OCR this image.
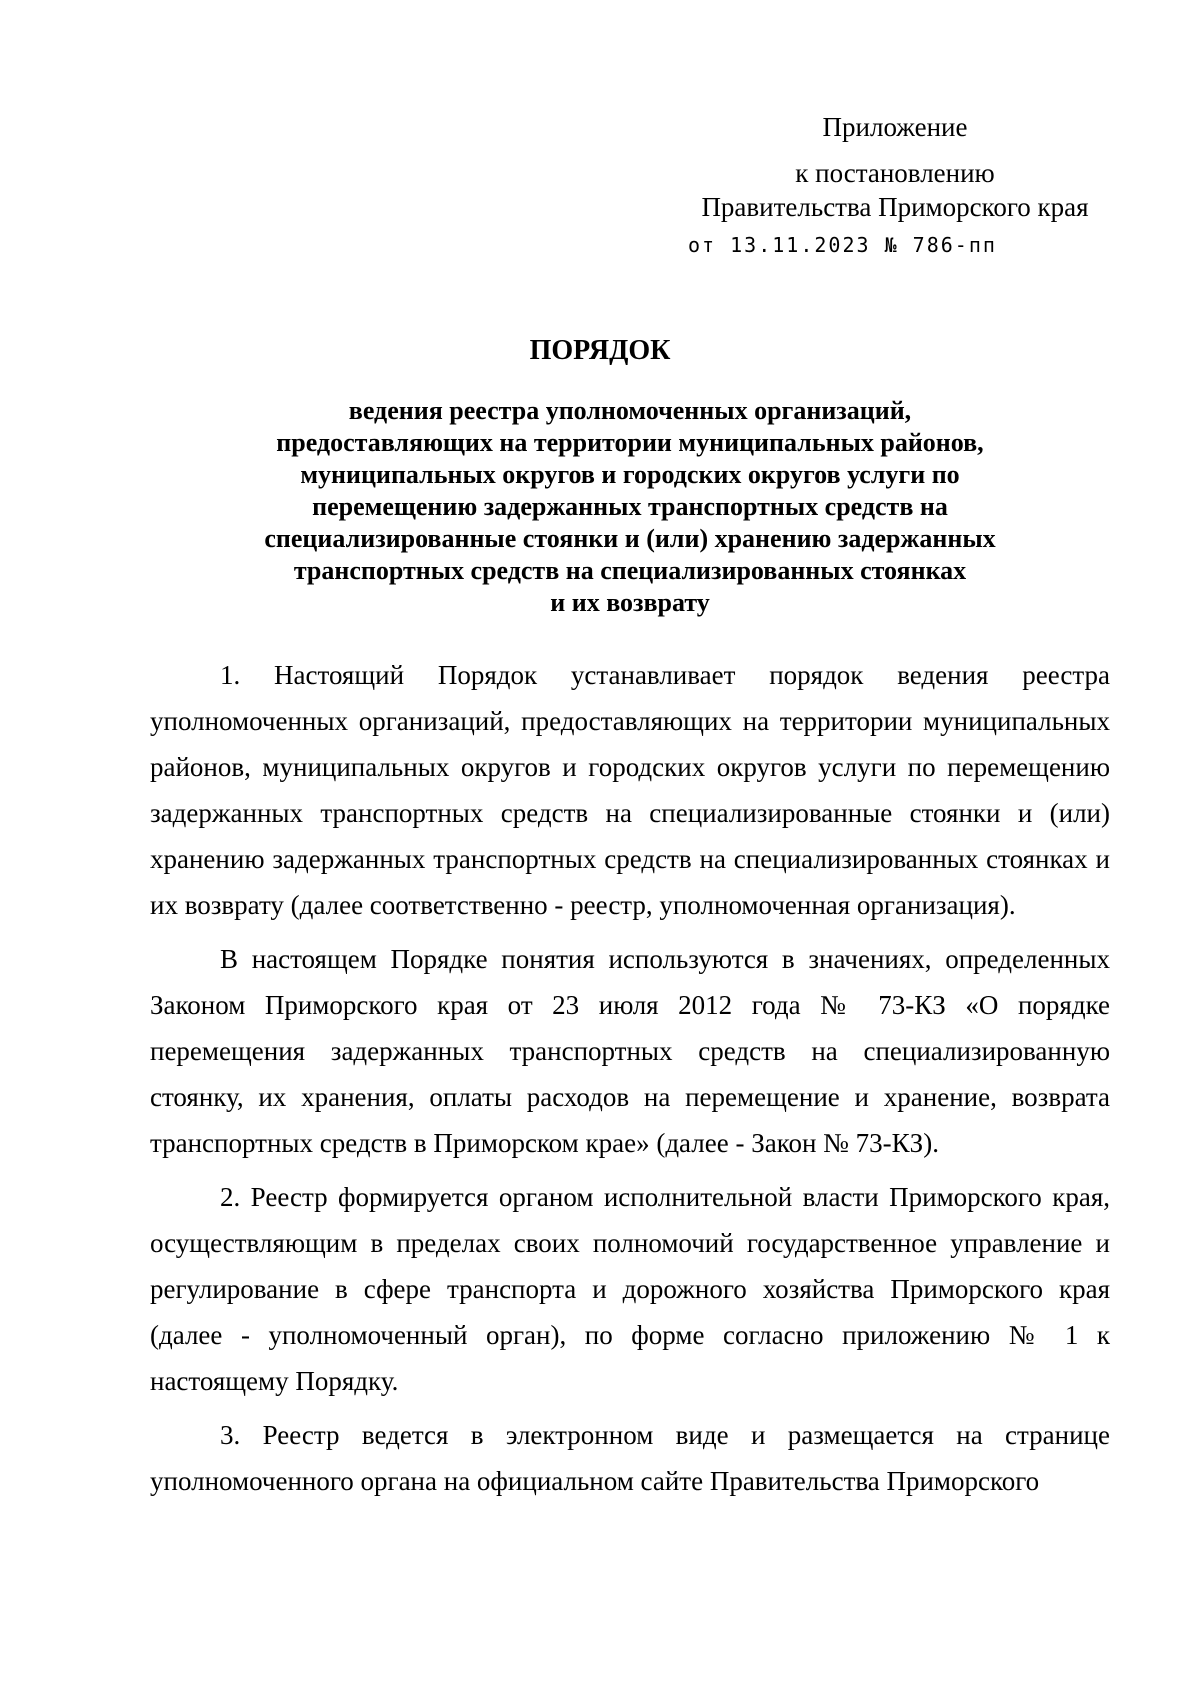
Приложение
к постановлению
Правительства Приморского края
от 13.11.2023 № 786-пп
ПОРЯДОК
ведения реестра уполномоченных организаций,
предоставляющих на территории муниципальных районов,
муниципальных округов и городских округов услуги по
перемещению задержанных транспортных средств на
специализированные стоянки и (или) хранению задержанных
транспортных средств на специализированных стоянках
и их возврату

1. Настоящий Порядок устанавливает порядок ведения реестра уполномоченных организаций, предоставляющих на территории муниципальных районов, муниципальных округов и городских округов услуги по перемещению задержанных транспортных средств на специализированные стоянки и (или) хранению задержанных транспортных средств на специализированных стоянках и их возврату (далее соответственно - реестр, уполномоченная организация).

В настоящем Порядке понятия используются в значениях, определенных Законом Приморского края от 23 июля 2012 года № 73-КЗ «О порядке перемещения задержанных транспортных средств на специализированную стоянку, их хранения, оплаты расходов на перемещение и хранение, возврата транспортных средств в Приморском крае» (далее - Закон № 73-КЗ).

2. Реестр формируется органом исполнительной власти Приморского края, осуществляющим в пределах своих полномочий государственное управление и регулирование в сфере транспорта и дорожного хозяйства Приморского края (далее - уполномоченный орган), по форме согласно приложению № 1 к настоящему Порядку.

3. Реестр ведется в электронном виде и размещается на странице уполномоченного органа на официальном сайте Правительства Приморского
